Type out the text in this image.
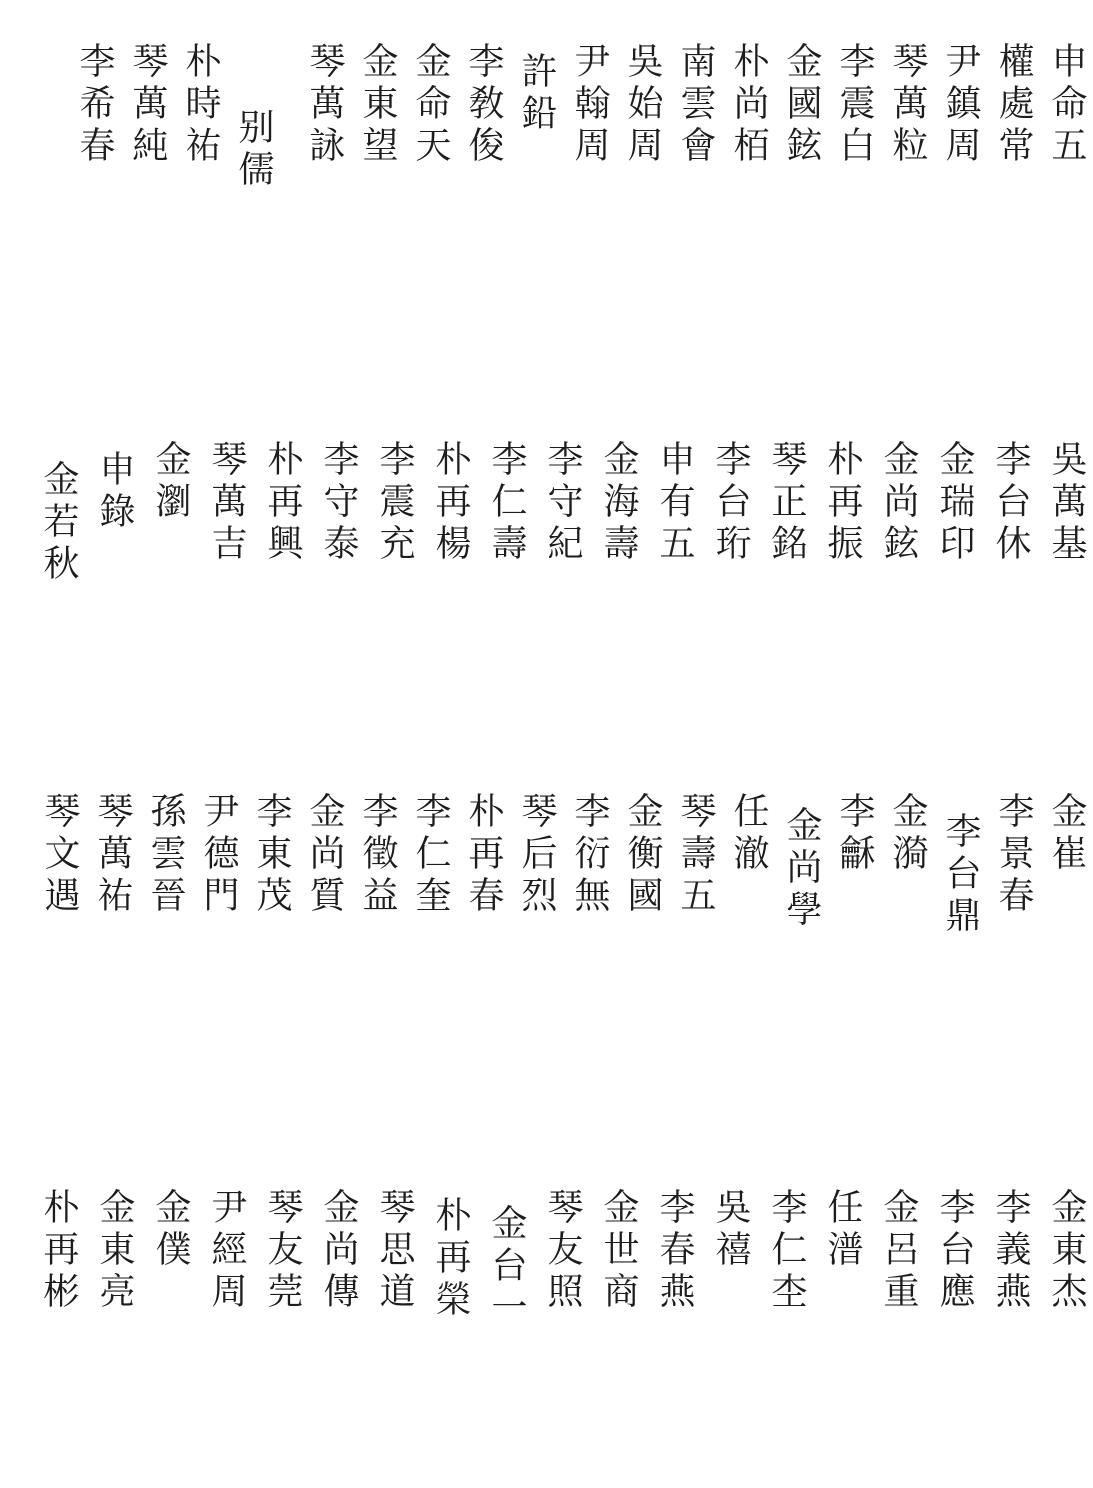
申命五
權處常
尹鎮周
琴萬粒
李震白
金國鉉
朴尚栢
南雲會
吳始周
尹翰周
許鉛
李敎俊
金命天
金東望
琴萬詠
别儒
朴時祐
琴萬純
李希春
吳萬基
李台休
金瑞印
金尚鉉
朴再振
琴正銘
李台珩
申有五
金海壽
李守紀
李仁壽
朴再楊
李震充
李守泰
朴再興
琴萬吉
金瀏
申錄
金若秋
金崔
李景春
李台鼎
金漪
李龢
金尚學
任澈
琴壽五
金衡國
李衍無
琴后烈
朴再春
李仁奎
李徵益
金尚質
李東茂
尹德門
孫雲晉
琴萬祐
琴文遇
金東杰
李義燕
李台應
金呂重
任潽
李仁杢
吳禧
李春燕
金世商
琴友照
金台一
朴再榮
琴思道
金尚傳
琴友莞
尹經周
金僕
金東亮
朴再彬
